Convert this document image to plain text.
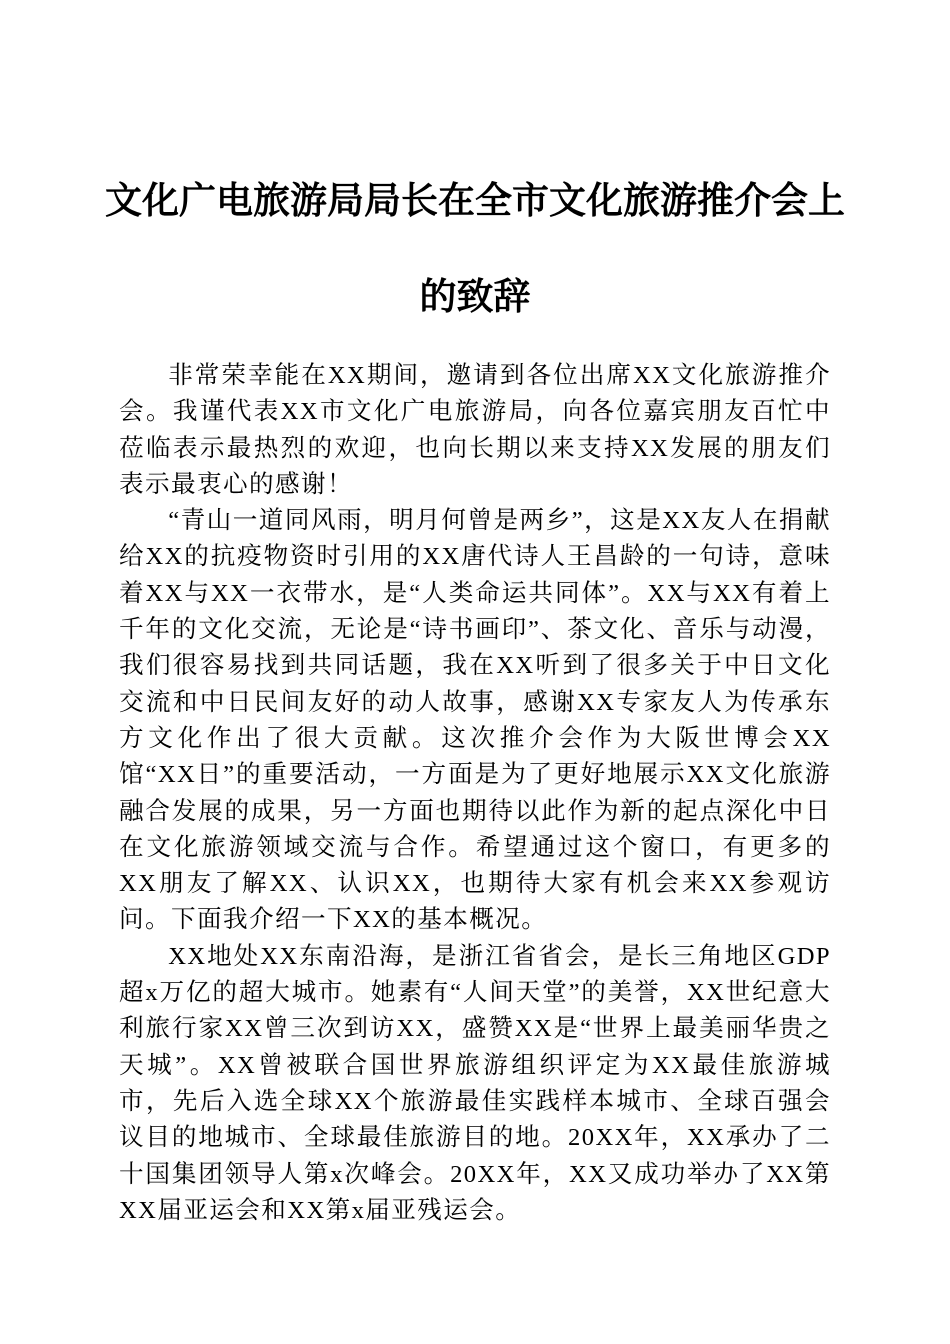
文化广电旅游局局长在全市文化旅游推介会上
的致辞

非常荣幸能在XX期间，邀请到各位出席XX文化旅游推介会。我谨代表XX市文化广电旅游局，向各位嘉宾朋友百忙中莅临表示最热烈的欢迎，也向长期以来支持XX发展的朋友们表示最衷心的感谢！

“青山一道同风雨，明月何曾是两乡”，这是XX友人在捐献给XX的抗疫物资时引用的XX唐代诗人王昌龄的一句诗，意味着XX与XX一衣带水，是“人类命运共同体”。XX与XX有着上千年的文化交流，无论是“诗书画印”、茶文化、音乐与动漫，我们很容易找到共同话题，我在XX听到了很多关于中日文化交流和中日民间友好的动人故事，感谢XX专家友人为传承东方文化作出了很大贡献。这次推介会作为大阪世博会XX馆“XX日”的重要活动，一方面是为了更好地展示XX文化旅游融合发展的成果，另一方面也期待以此作为新的起点深化中日在文化旅游领域交流与合作。希望通过这个窗口，有更多的XX朋友了解XX、认识XX，也期待大家有机会来XX参观访问。下面我介绍一下XX的基本概况。

XX地处XX东南沿海，是浙江省省会，是长三角地区GDP超x万亿的超大城市。她素有“人间天堂”的美誉，XX世纪意大利旅行家XX曾三次到访XX，盛赞XX是“世界上最美丽华贵之天城”。XX曾被联合国世界旅游组织评定为XX最佳旅游城市，先后入选全球XX个旅游最佳实践样本城市、全球百强会议目的地城市、全球最佳旅游目的地。20XX年，XX承办了二十国集团领导人第x次峰会。20XX年，XX又成功举办了XX第XX届亚运会和XX第x届亚残运会。
